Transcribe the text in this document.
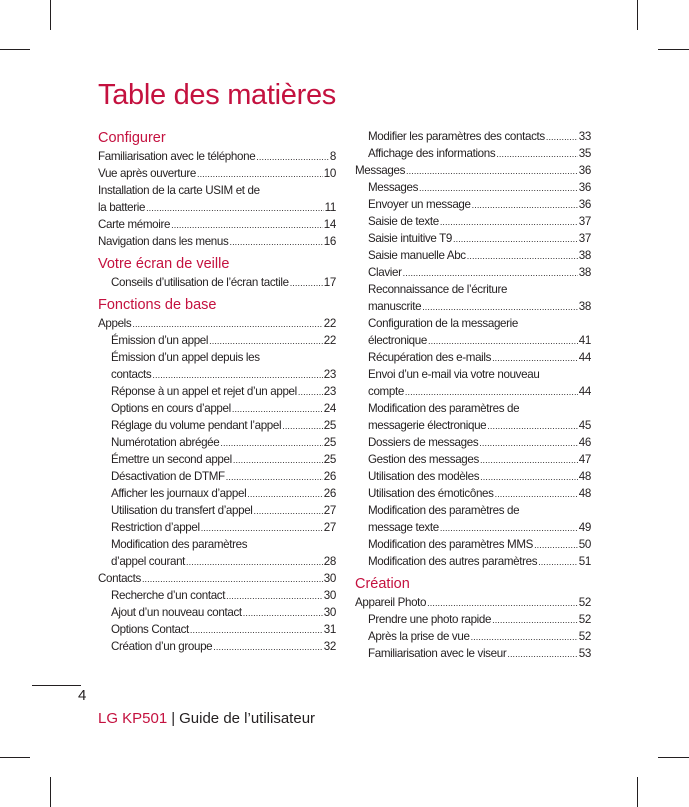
Table des matières
Configurer
Familiarisation avec le téléphone .....	8
Vue après ouverture .....	10
Installation de la carte USIM et de
la batterie .....	11
Carte mémoire .....	14
Navigation dans les menus .....	16
Votre écran de veille
Conseils d’utilisation de l’écran tactile .....	17
Fonctions de base
Appels .....	22
Émission d’un appel .....	22
Émission d’un appel depuis les
contacts .....	23
Réponse à un appel et rejet d’un appel ..... 23
Options en cours d’appel .....	24
Réglage du volume pendant l’appel .....	25
Numérotation abrégée .....	25
Émettre un second appel .....	25
Désactivation de DTMF .....	26
Afficher les journaux d’appel .....	26
Utilisation du transfert d’appel .....	27
Restriction d’appel .....	27
Modification des paramètres
d’appel courant .....	28
Contacts .....	30
Recherche d’un contact .....	30
Ajout d’un nouveau contact .....	30
Options Contact .....	31
Création d’un groupe .....	32
Modifier les paramètres des contacts .....	33
Affichage des informations .....	35
Messages .....	36
Messages .....	36
Envoyer un message .....	36
Saisie de texte .....	37
Saisie intuitive T9 .....	37
Saisie manuelle Abc .....	38
Clavier .....	38
Reconnaissance de l’écriture
manuscrite .....	38
Configuration de la messagerie
électronique .....	41
Récupération des e-mails .....	44
Envoi d’un e-mail via votre nouveau
compte .....	44
Modification des paramètres de
messagerie électronique .....	45
Dossiers de messages .....	46
Gestion des messages .....	47
Utilisation des modèles .....	48
Utilisation des émoticônes .....	48
Modification des paramètres de
message texte .....	49
Modification des paramètres MMS .....	50
Modification des autres paramètres .....	51
Création
Appareil Photo .....	52
Prendre une photo rapide .....	52
Après la prise de vue .....	52
Familiarisation avec le viseur .....	53
4
LG KP501 | Guide de l’utilisateur
